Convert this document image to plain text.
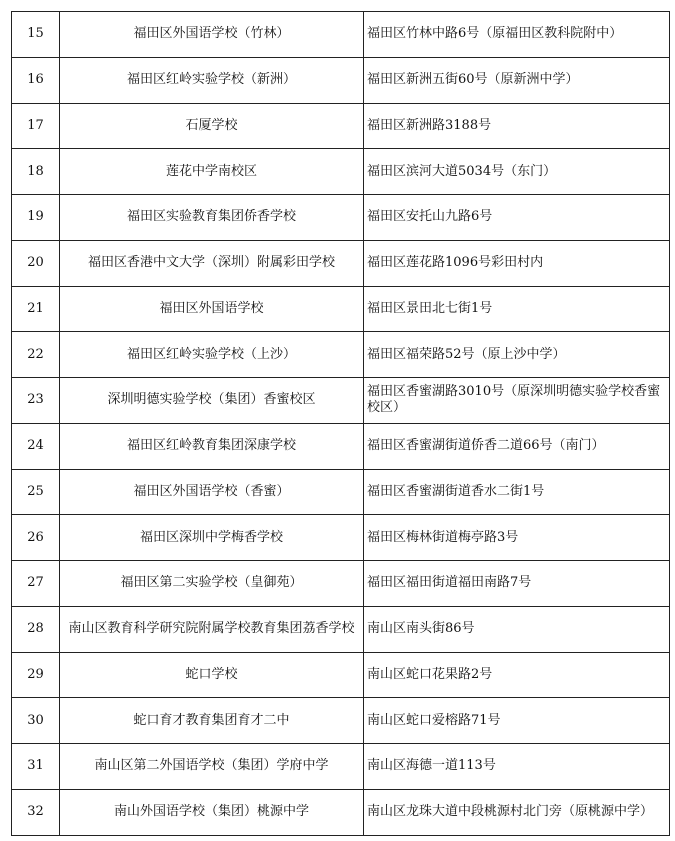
15	福田区外国语学校（竹林）	福田区竹林中路6号（原福田区教科院附中）
16	福田区红岭实验学校（新洲）	福田区新洲五街60号（原新洲中学）
17	石厦学校	福田区新洲路3188号
18	莲花中学南校区	福田区滨河大道5034号（东门）
19	福田区实验教育集团侨香学校	福田区安托山九路6号
20	福田区香港中文大学（深圳）附属彩田学校	福田区莲花路1096号彩田村内
21	福田区外国语学校	福田区景田北七街1号
22	福田区红岭实验学校（上沙）	福田区福荣路52号（原上沙中学）
23	深圳明德实验学校（集团）香蜜校区	福田区香蜜湖路3010号（原深圳明德实验学校香蜜校区）
24	福田区红岭教育集团深康学校	福田区香蜜湖街道侨香二道66号（南门）
25	福田区外国语学校（香蜜）	福田区香蜜湖街道香水二街1号
26	福田区深圳中学梅香学校	福田区梅林街道梅亭路3号
27	福田区第二实验学校（皇御苑）	福田区福田街道福田南路7号
28	南山区教育科学研究院附属学校教育集团荔香学校	南山区南头街86号
29	蛇口学校	南山区蛇口花果路2号
30	蛇口育才教育集团育才二中	南山区蛇口爱榕路71号
31	南山区第二外国语学校（集团）学府中学	南山区海德一道113号
32	南山外国语学校（集团）桃源中学	南山区龙珠大道中段桃源村北门旁（原桃源中学）
